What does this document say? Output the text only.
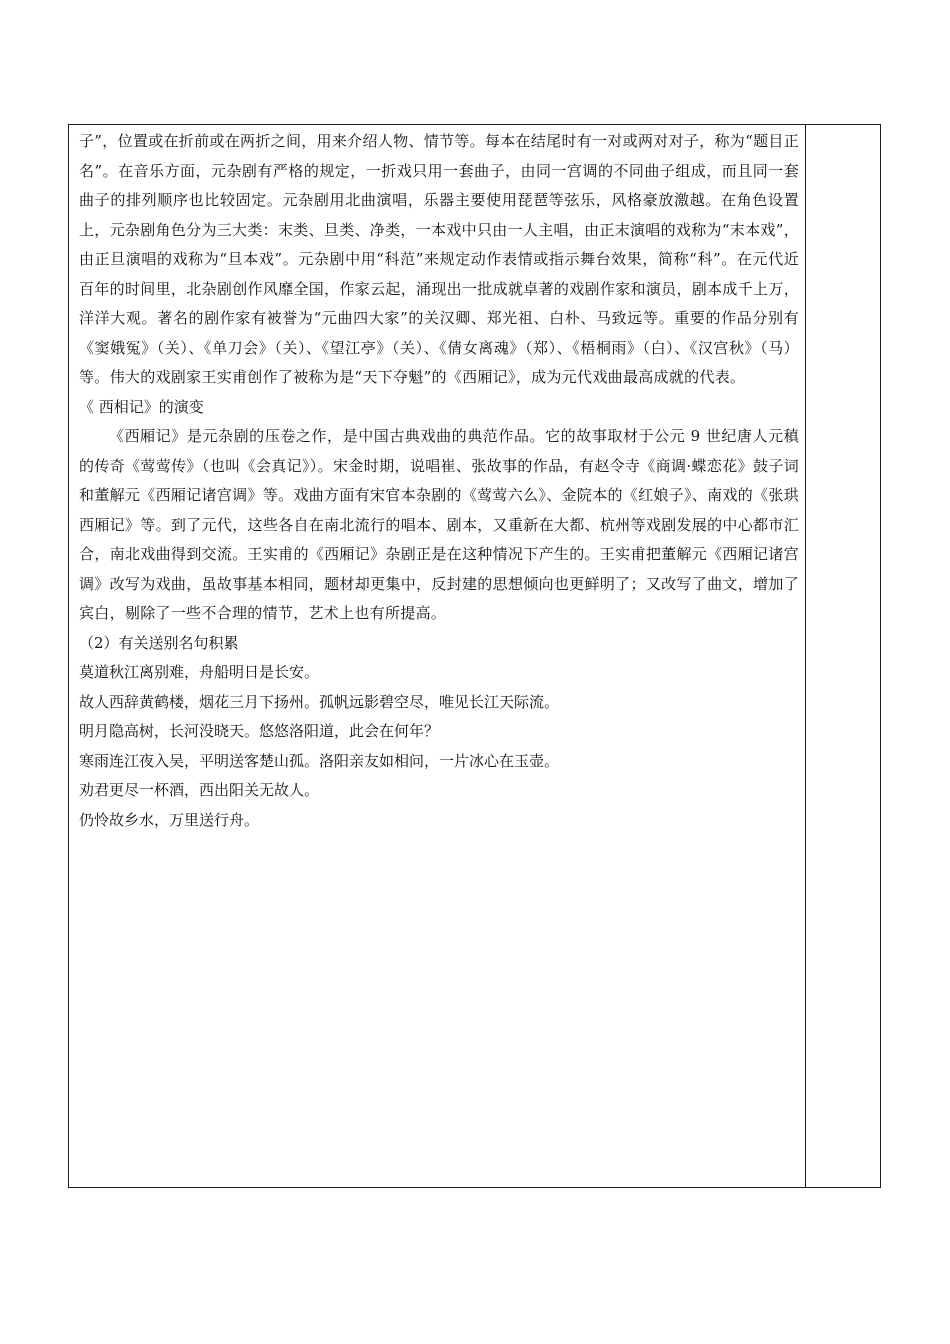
子”，位置或在折前或在两折之间，用来介绍人物、情节等。每本在结尾时有一对或两对对子，称为“题目正名”。在音乐方面，元杂剧有严格的规定，一折戏只用一套曲子，由同一宫调的不同曲子组成，而且同一套曲子的排列顺序也比较固定。元杂剧用北曲演唱，乐器主要使用琵琶等弦乐，风格豪放激越。在角色设置上，元杂剧角色分为三大类：末类、旦类、净类，一本戏中只由一人主唱，由正末演唱的戏称为“末本戏”，由正旦演唱的戏称为“旦本戏”。元杂剧中用“科范”来规定动作表情或指示舞台效果，简称“科”。在元代近百年的时间里，北杂剧创作风靡全国，作家云起，涌现出一批成就卓著的戏剧作家和演员，剧本成千上万，洋洋大观。著名的剧作家有被誉为“元曲四大家”的关汉卿、郑光祖、白朴、马致远等。重要的作品分别有《窦娥冤》（关）、《单刀会》（关）、《望江亭》（关）、《倩女离魂》（郑）、《梧桐雨》（白）、《汉宫秋》（马）等。伟大的戏剧家王实甫创作了被称为是“天下夺魁”的《西厢记》，成为元代戏曲最高成就的代表。

《 西相记》的演变

《西厢记》是元杂剧的压卷之作，是中国古典戏曲的典范作品。它的故事取材于公元 9 世纪唐人元稹的传奇《莺莺传》（也叫《会真记》）。宋金时期，说唱崔、张故事的作品，有赵令寺《商调·蝶恋花》鼓子词和董解元《西厢记诸宫调》等。戏曲方面有宋官本杂剧的《莺莺六么》、金院本的《红娘子》、南戏的《张珙西厢记》等。到了元代，这些各自在南北流行的唱本、剧本，又重新在大都、杭州等戏剧发展的中心都市汇合，南北戏曲得到交流。王实甫的《西厢记》杂剧正是在这种情况下产生的。王实甫把董解元《西厢记诸宫调》改写为戏曲，虽故事基本相同，题材却更集中，反封建的思想倾向也更鲜明了；又改写了曲文，增加了宾白，剔除了一些不合理的情节，艺术上也有所提高。

（2）有关送别名句积累

莫道秋江离别难，舟船明日是长安。

故人西辞黄鹤楼，烟花三月下扬州。孤帆远影碧空尽，唯见长江天际流。

明月隐高树，长河没晓天。悠悠洛阳道，此会在何年？

寒雨连江夜入吴，平明送客楚山孤。洛阳亲友如相问，一片冰心在玉壶。

劝君更尽一杯酒，西出阳关无故人。

仍怜故乡水，万里送行舟。
